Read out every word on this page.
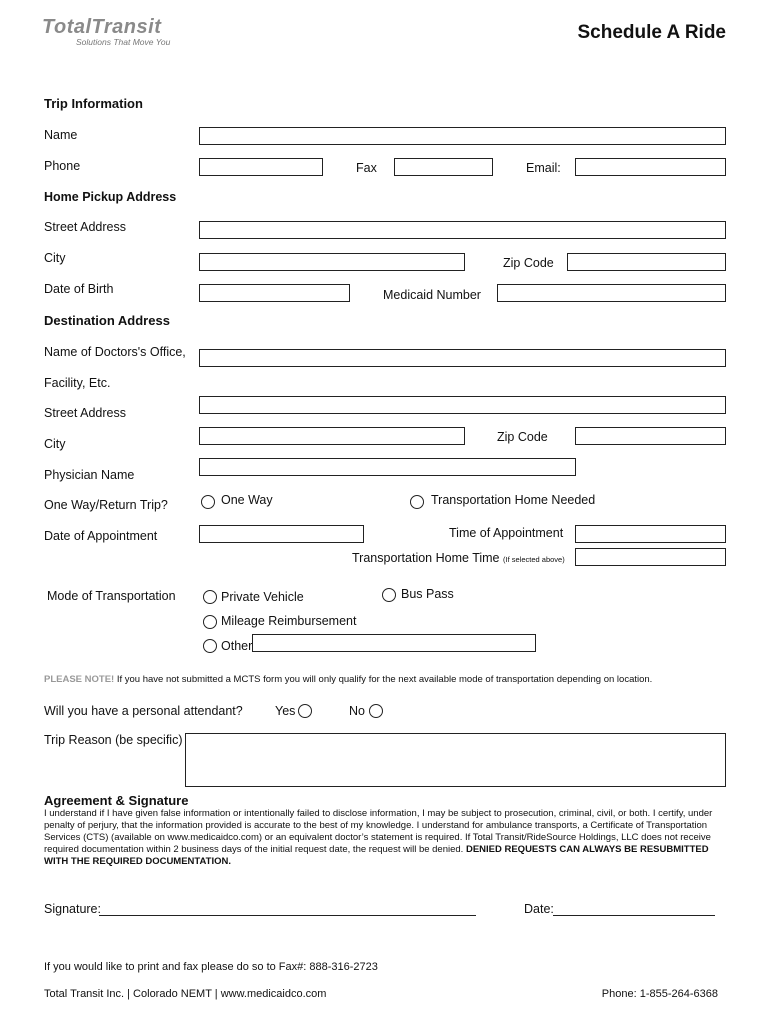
TotalTransit
Solutions That Move You	Schedule A Ride
Trip Information
Name
Phone	Fax	Email:
Home Pickup Address
Street Address
City	Zip Code
Date of Birth	Medicaid Number
Destination Address
Name of Doctors's Office,
Facility, Etc.
Street Address
City	Zip Code
Physician Name
One Way/Return Trip?	One Way	Transportation Home Needed
Date of Appointment	Time of Appointment
Transportation Home Time (If selected above)
Mode of Transportation	Private Vehicle	Bus Pass
Mileage Reimbursement
Other
PLEASE NOTE! If you have not submitted a MCTS form you will only qualify for the next available mode of transportation depending on location.
Will you have a personal attendant?	Yes	No
Trip Reason (be specific)
Agreement & Signature
I understand if I have given false information or intentionally failed to disclose information, I may be subject to prosecution, criminal, civil, or both. I certify, under penalty of perjury, that the information provided is accurate to the best of my knowledge. I understand for ambulance transports, a Certificate of Transportation Services (CTS) (available on www.medicaidco.com) or an equivalent doctor’s statement is required. If Total Transit/RideSource Holdings, LLC does not receive required documentation within 2 business days of the initial request date, the request will be denied. DENIED REQUESTS CAN ALWAYS BE RESUBMITTED WITH THE REQUIRED DOCUMENTATION.
Signature:	Date:
If you would like to print and fax please do so to Fax#: 888-316-2723
Total Transit Inc. | Colorado NEMT | www.medicaidco.com	Phone: 1-855-264-6368
